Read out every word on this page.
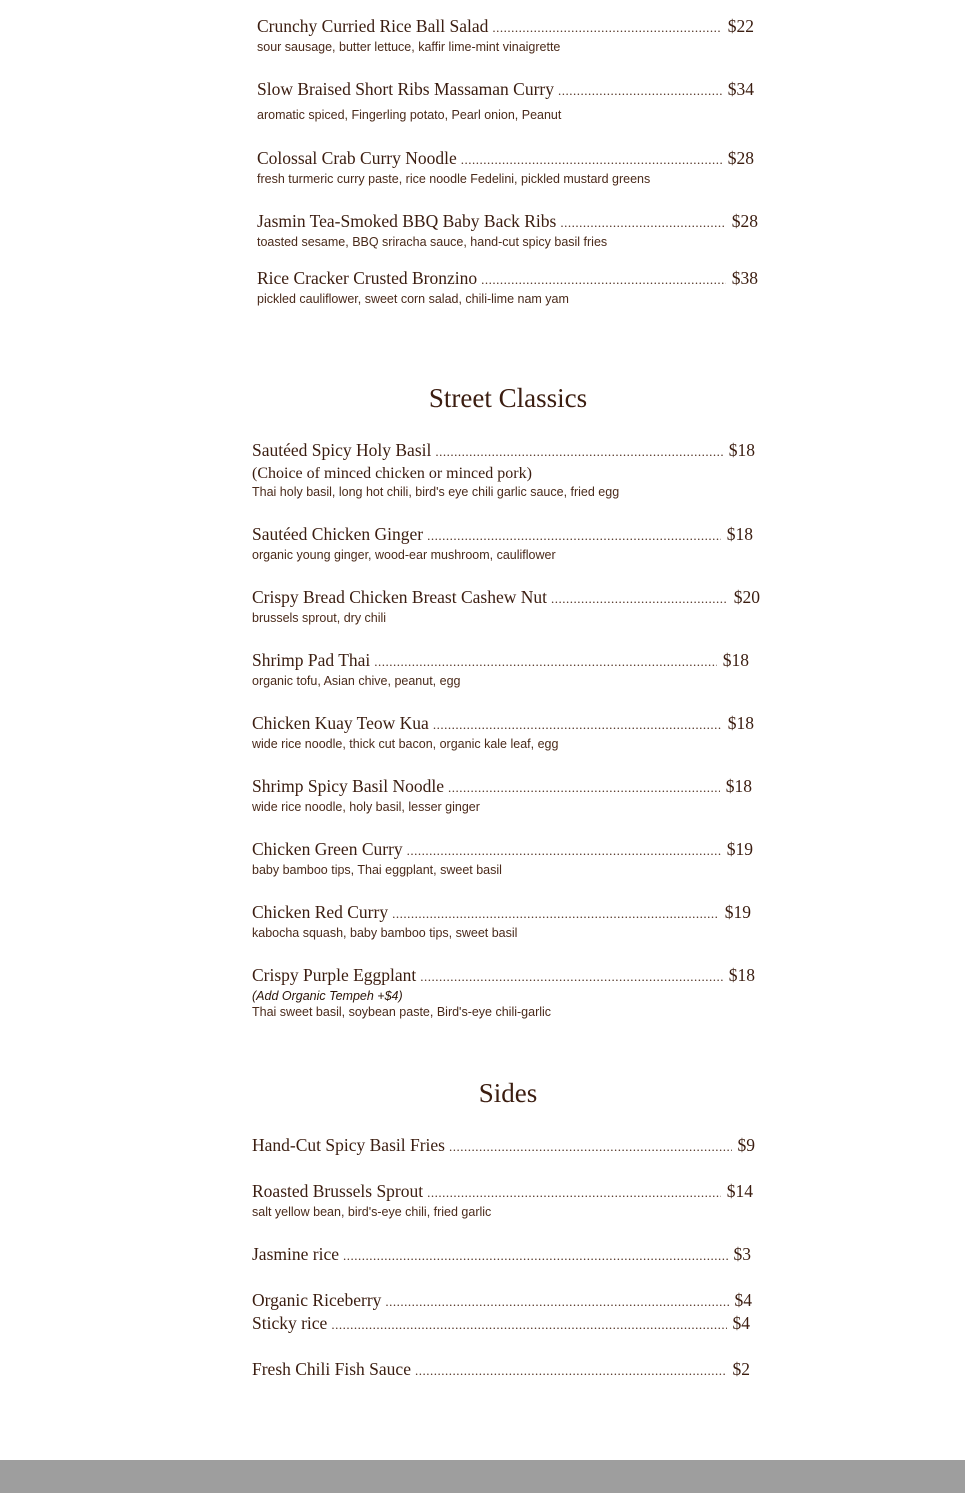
Crunchy Curried Rice Ball Salad .....	$22
sour sausage, butter lettuce, kaffir lime-mint vinaigrette
Slow Braised Short Ribs Massaman Curry .....	$34
aromatic spiced, Fingerling potato, Pearl onion, Peanut
Colossal Crab Curry Noodle .....	$28
fresh turmeric curry paste, rice noodle Fedelini, pickled mustard greens
Jasmin Tea-Smoked BBQ Baby Back Ribs .....	$28
toasted sesame, BBQ sriracha sauce, hand-cut spicy basil fries
Rice Cracker Crusted Bronzino .....	$38
pickled cauliflower, sweet corn salad, chili-lime nam yam
Street Classics
Sautéed Spicy Holy Basil .....	$18
(Choice of minced chicken or minced pork)
Thai holy basil, long hot chili, bird's eye chili garlic sauce, fried egg
Sautéed Chicken Ginger .....	$18
organic young ginger, wood-ear mushroom, cauliflower
Crispy Bread Chicken Breast Cashew Nut .....	$20
brussels sprout, dry chili
Shrimp Pad Thai .....	$18
organic tofu, Asian chive, peanut, egg
Chicken Kuay Teow Kua .....	$18
wide rice noodle, thick cut bacon, organic kale leaf, egg
Shrimp Spicy Basil Noodle .....	$18
wide rice noodle, holy basil, lesser ginger
Chicken Green Curry .....	$19
baby bamboo tips, Thai eggplant, sweet basil
Chicken Red Curry .....	$19
kabocha squash, baby bamboo tips, sweet basil
Crispy Purple Eggplant .....	$18
(Add Organic Tempeh +$4)
Thai sweet basil, soybean paste, Bird's-eye chili-garlic
Sides
Hand-Cut Spicy Basil Fries .....	$9
Roasted Brussels Sprout .....	$14
salt yellow bean, bird's-eye chili, fried garlic
Jasmine rice .....	$3
Organic Riceberry .....	$4
Sticky rice .....	$4
Fresh Chili Fish Sauce .....	$2
